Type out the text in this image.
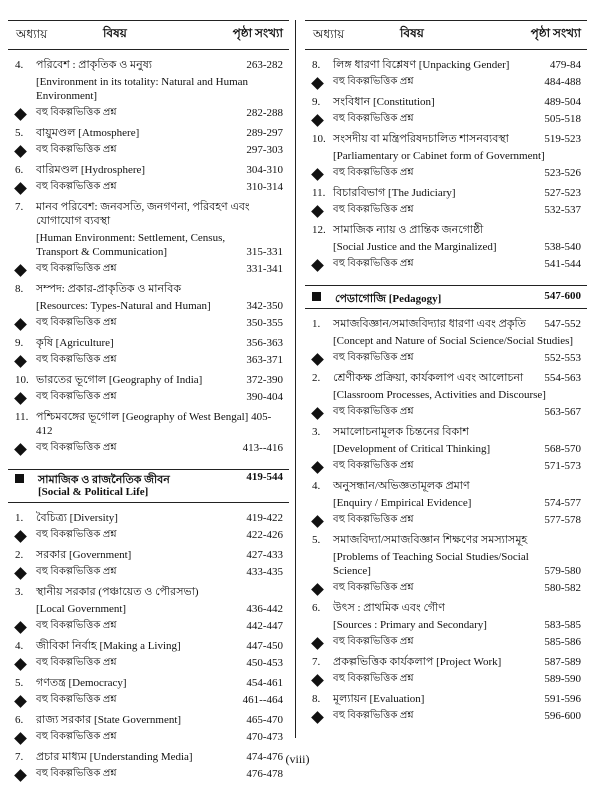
অধ্যায়	বিষয়	পৃষ্ঠা সংখ্যা
4.	পরিবেশ : প্রাকৃতিক ও মনুষ্য	263-282
[Environment in its totality: Natural and Human Environment]
বহু বিকল্পভিত্তিক প্রশ্ন	282-288
5.	বায়ুমণ্ডল [Atmosphere]	289-297
বহু বিকল্পভিত্তিক প্রশ্ন	297-303
6.	বারিমণ্ডল [Hydrosphere]	304-310
বহু বিকল্পভিত্তিক প্রশ্ন	310-314
7.	মানব পরিবেশ: জনবসতি, জনগণনা, পরিবহণ এবং যোগাযোগ ব্যবস্থা
[Human Environment: Settlement, Census, Transport & Communication]	315-331
বহু বিকল্পভিত্তিক প্রশ্ন	331-341
8.	সম্পদ: প্রকার-প্রাকৃতিক ও মানবিক
[Resources: Types-Natural and Human]	342-350
বহু বিকল্পভিত্তিক প্রশ্ন	350-355
9.	কৃষি [Agriculture]	356-363
বহু বিকল্পভিত্তিক প্রশ্ন	363-371
10. ভারতের ভূগোল [Geography of India]	372-390
বহু বিকল্পভিত্তিক প্রশ্ন	390-404
11. পশ্চিমবঙ্গের ভূগোল [Geography of West Bengal] 405-412
বহু বিকল্পভিত্তিক প্রশ্ন	413--416
সামাজিক ও রাজনৈতিক জীবন
[Social & Political Life]
419-544
1.	বৈচিত্র্য [Diversity]	419-422
বহু বিকল্পভিত্তিক প্রশ্ন	422-426
2.	সরকার [Government]	427-433
বহু বিকল্পভিত্তিক প্রশ্ন	433-435
3.	স্থানীয় সরকার (পঞ্চায়েত ও পৌরসভা)
[Local Government]	436-442
বহু বিকল্পভিত্তিক প্রশ্ন	442-447
4.	জীবিকা নির্বাহ [Making a Living]	447-450
বহু বিকল্পভিত্তিক প্রশ্ন	450-453
5.	গণতন্ত্র [Democracy]	454-461
বহু বিকল্পভিত্তিক প্রশ্ন	461--464
6.	রাজ্য সরকার [State Government]	465-470
বহু বিকল্পভিত্তিক প্রশ্ন	470-473
7.	প্রচার মাধ্যম [Understanding Media]	474-476
বহু বিকল্পভিত্তিক প্রশ্ন	476-478
অধ্যায়	বিষয়	পৃষ্ঠা সংখ্যা
8.	লিঙ্গ ধারণা বিশ্লেষণ [Unpacking Gender]	479-84
বহু বিকল্পভিত্তিক প্রশ্ন	484-488
9.	সংবিধান [Constitution]	489-504
বহু বিকল্পভিত্তিক প্রশ্ন	505-518
10. সংসদীয় বা মন্ত্রিপরিষদচালিত শাসনব্যবস্থা	519-523
[Parliamentary or Cabinet form of Government]
বহু বিকল্পভিত্তিক প্রশ্ন	523-526
11. বিচারবিভাগ [The Judiciary]	527-523
বহু বিকল্পভিত্তিক প্রশ্ন	532-537
12. সামাজিক ন্যায় ও প্রান্তিক জনগোষ্ঠী
[Social Justice and the Marginalized]	538-540
বহু বিকল্পভিত্তিক প্রশ্ন	541-544
পেডাগোজি [Pedagogy]	547-600
1.	সমাজবিজ্ঞান/সমাজবিদ্যার ধারণা এবং প্রকৃতি 547-552
[Concept and Nature of Social Science/Social Studies]
বহু বিকল্পভিত্তিক প্রশ্ন	552-553
2.	শ্রেণীকক্ষ প্রক্রিয়া, কার্যকলাপ এবং আলোচনা	554-563
[Classroom Processes, Activities and Discourse]
বহু বিকল্পভিত্তিক প্রশ্ন	563-567
3.	সমালোচনামূলক চিন্তনের বিকাশ
[Development of Critical Thinking]	568-570
বহু বিকল্পভিত্তিক প্রশ্ন	571-573
4.	অনুসন্ধান/অভিজ্ঞতামূলক প্রমাণ
[Enquiry / Empirical Evidence]	574-577
বহু বিকল্পভিত্তিক প্রশ্ন	577-578
5.	সমাজবিদ্যা/সমাজবিজ্ঞান শিক্ষণের সমস্যাসমূহ
[Problems of Teaching Social Studies/Social Science]	579-580
বহু বিকল্পভিত্তিক প্রশ্ন	580-582
6.	উৎস : প্রাথমিক এবং গৌণ
[Sources : Primary and Secondary]	583-585
বহু বিকল্পভিত্তিক প্রশ্ন	585-586
7.	প্রকল্পভিত্তিক কার্যকলাপ [Project Work]	587-589
বহু বিকল্পভিত্তিক প্রশ্ন	589-590
8.	মূল্যায়ন [Evaluation]	591-596
বহু বিকল্পভিত্তিক প্রশ্ন	596-600
(viii)
